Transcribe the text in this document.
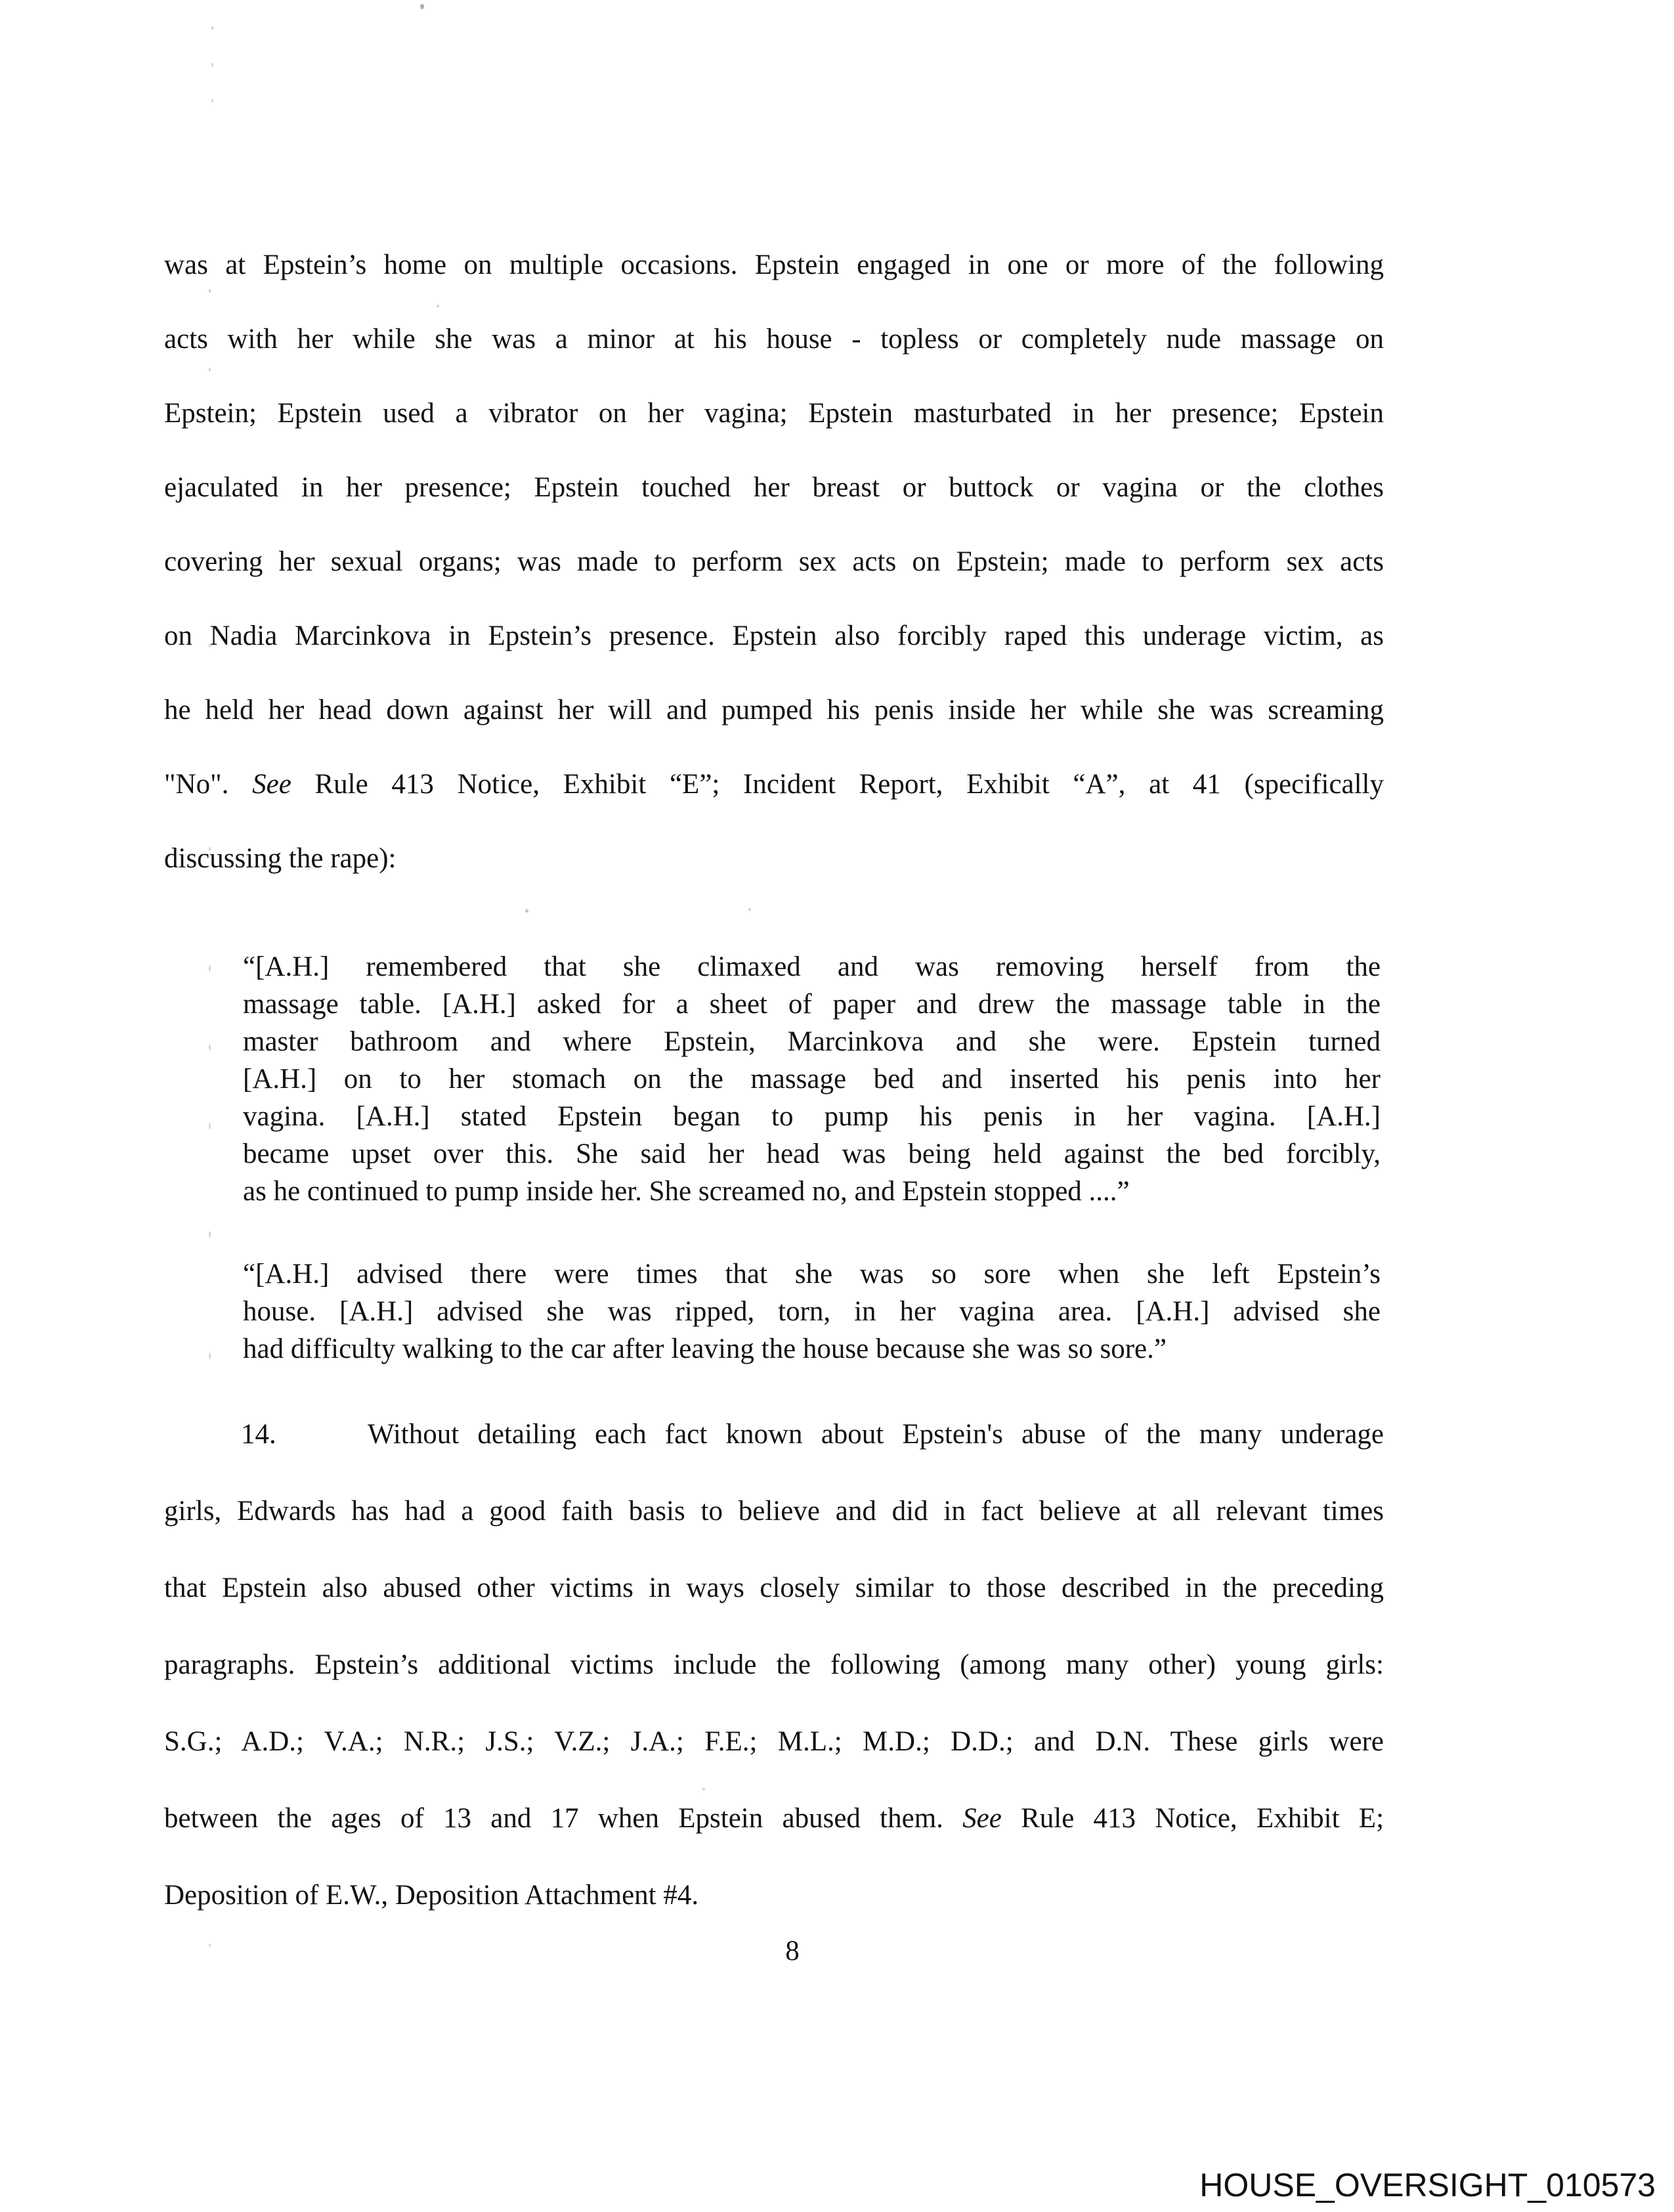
was at Epstein’s home on multiple occasions. Epstein engaged in one or more of the following
acts with her while she was a minor at his house - topless or completely nude massage on
Epstein; Epstein used a vibrator on her vagina; Epstein masturbated in her presence; Epstein
ejaculated in her presence; Epstein touched her breast or buttock or vagina or the clothes
covering her sexual organs; was made to perform sex acts on Epstein; made to perform sex acts
on Nadia Marcinkova in Epstein’s presence. Epstein also forcibly raped this underage victim, as
he held her head down against her will and pumped his penis inside her while she was screaming
"No". See Rule 413 Notice, Exhibit “E”; Incident Report, Exhibit “A”, at 41 (specifically
discussing the rape):
“[A.H.] remembered that she climaxed and was removing herself from the
massage table. [A.H.] asked for a sheet of paper and drew the massage table in the
master bathroom and where Epstein, Marcinkova and she were. Epstein turned
[A.H.] on to her stomach on the massage bed and inserted his penis into her
vagina. [A.H.] stated Epstein began to pump his penis in her vagina. [A.H.]
became upset over this. She said her head was being held against the bed forcibly,
as he continued to pump inside her. She screamed no, and Epstein stopped ....”
“[A.H.] advised there were times that she was so sore when she left Epstein’s
house. [A.H.] advised she was ripped, torn, in her vagina area. [A.H.] advised she
had difficulty walking to the car after leaving the house because she was so sore.”
14.	Without detailing each fact known about Epstein's abuse of the many underage
girls, Edwards has had a good faith basis to believe and did in fact believe at all relevant times
that Epstein also abused other victims in ways closely similar to those described in the preceding
paragraphs. Epstein’s additional victims include the following (among many other) young girls:
S.G.; A.D.; V.A.; N.R.; J.S.; V.Z.; J.A.; F.E.; M.L.; M.D.; D.D.; and D.N. These girls were
between the ages of 13 and 17 when Epstein abused them. See Rule 413 Notice, Exhibit E;
Deposition of E.W., Deposition Attachment #4.
8
HOUSE_OVERSIGHT_010573
